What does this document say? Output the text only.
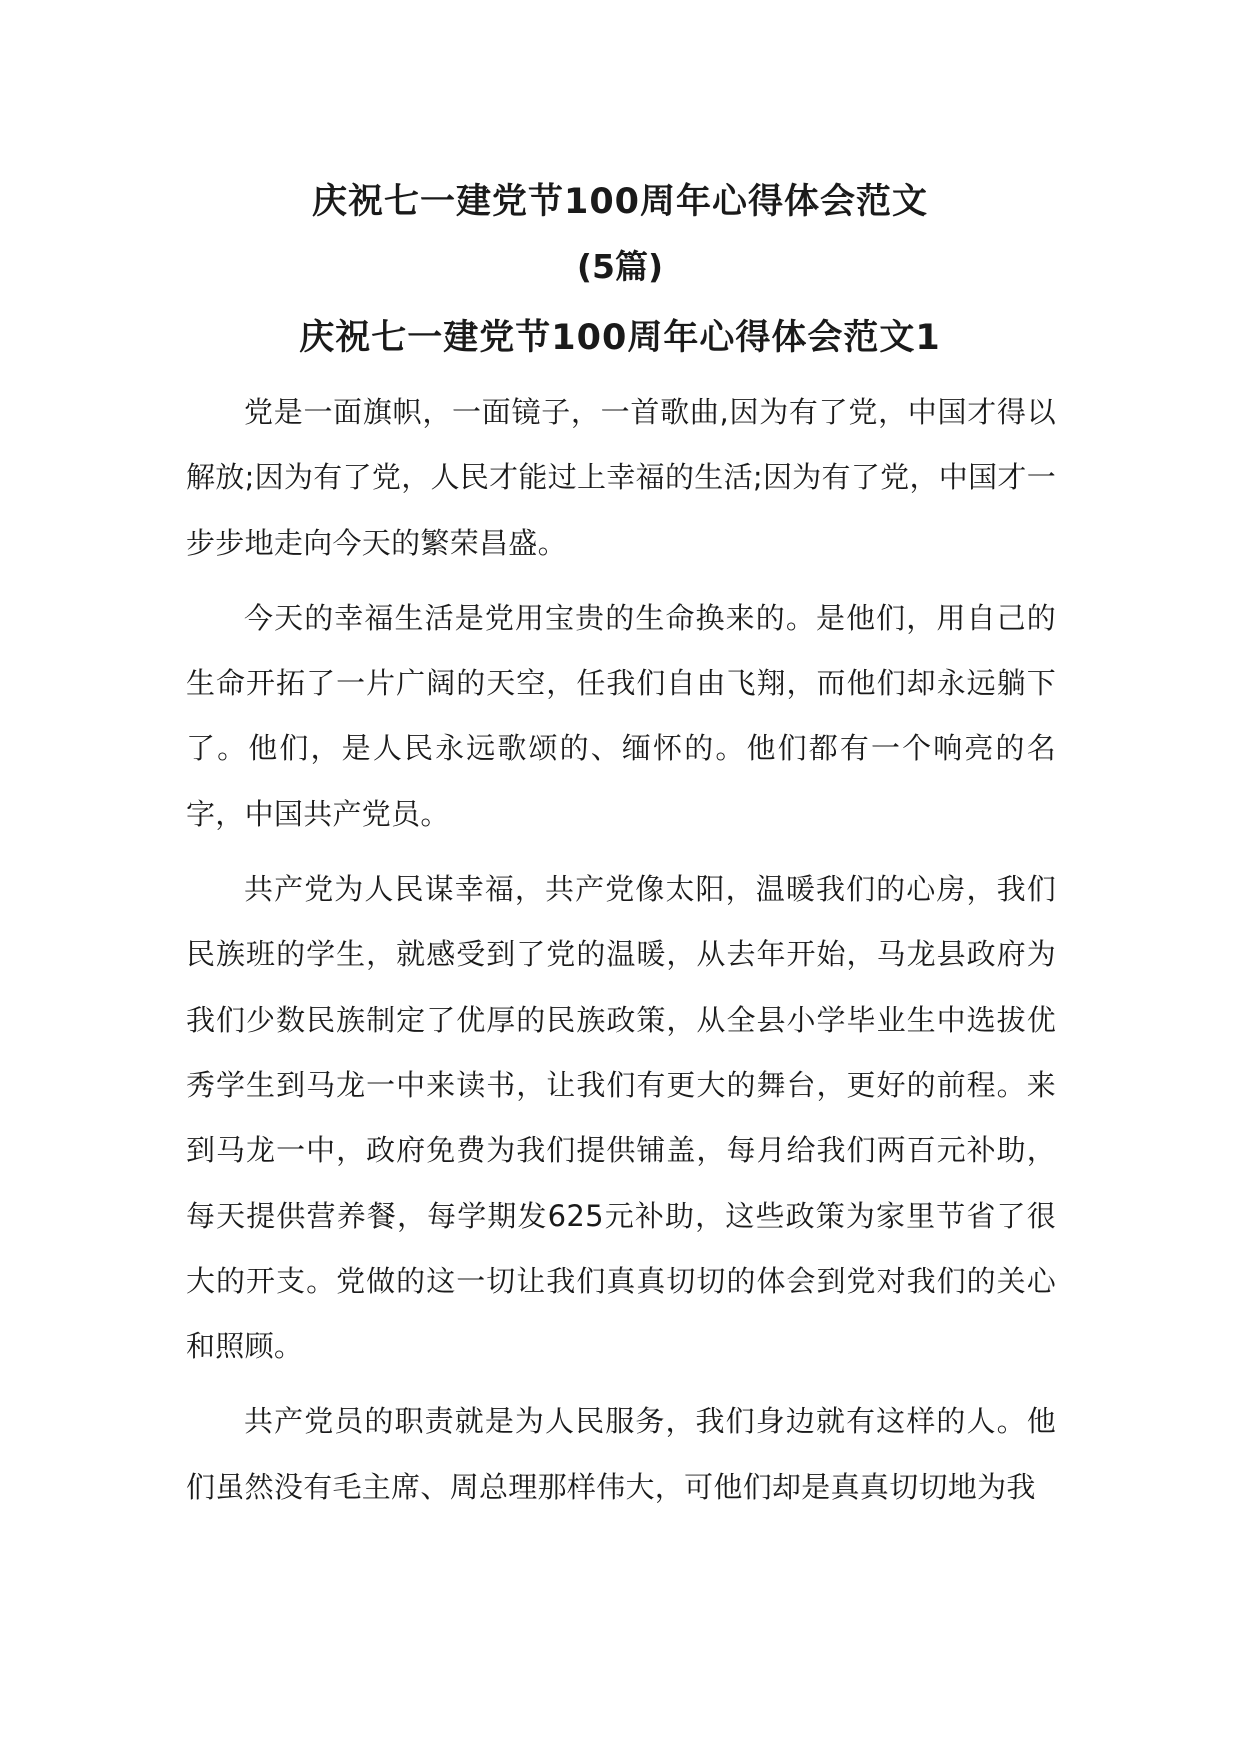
庆祝七一建党节100周年心得体会范文
(5篇)
庆祝七一建党节100周年心得体会范文1

党是一面旗帜，一面镜子，一首歌曲,因为有了党，中国才得以解放;因为有了党，人民才能过上幸福的生活;因为有了党，中国才一步步地走向今天的繁荣昌盛。

今天的幸福生活是党用宝贵的生命换来的。是他们，用自己的生命开拓了一片广阔的天空，任我们自由飞翔，而他们却永远躺下了。他们，是人民永远歌颂的、缅怀的。他们都有一个响亮的名字，中国共产党员。

共产党为人民谋幸福，共产党像太阳，温暖我们的心房，我们民族班的学生，就感受到了党的温暖，从去年开始，马龙县政府为我们少数民族制定了优厚的民族政策，从全县小学毕业生中选拔优秀学生到马龙一中来读书，让我们有更大的舞台，更好的前程。来到马龙一中，政府免费为我们提供铺盖，每月给我们两百元补助，每天提供营养餐，每学期发625元补助，这些政策为家里节省了很大的开支。党做的这一切让我们真真切切的体会到党对我们的关心和照顾。

共产党员的职责就是为人民服务，我们身边就有这样的人。他们虽然没有毛主席、周总理那样伟大，可他们却是真真切切地为我
